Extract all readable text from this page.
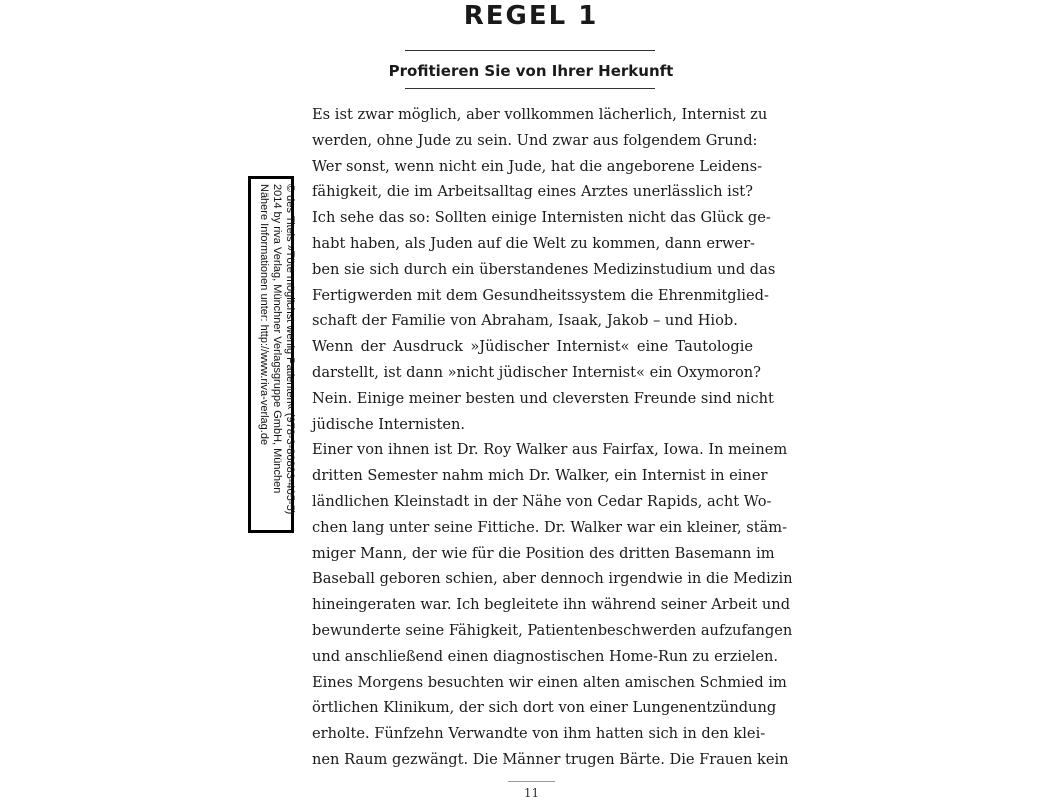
REGEL 1
Profitieren Sie von Ihrer Herkunft
Es ist zwar möglich, aber vollkommen lächerlich, Internist zu
werden, ohne Jude zu sein. Und zwar aus folgendem Grund:
Wer sonst, wenn nicht ein Jude, hat die angeborene Leidens-
fähigkeit, die im Arbeitsalltag eines Arztes unerlässlich ist?
Ich sehe das so: Sollten einige Internisten nicht das Glück ge-
habt haben, als Juden auf die Welt zu kommen, dann erwer-
ben sie sich durch ein überstandenes Medizinstudium und das
Fertigwerden mit dem Gesundheitssystem die Ehrenmitglied-
schaft der Familie von Abraham, Isaak, Jakob – und Hiob.
Wenn der Ausdruck »Jüdischer Internist« eine Tautologie
darstellt, ist dann »nicht jüdischer Internist« ein Oxymoron?
Nein. Einige meiner besten und cleversten Freunde sind nicht
jüdische Internisten.
Einer von ihnen ist Dr. Roy Walker aus Fairfax, Iowa. In meinem
dritten Semester nahm mich Dr. Walker, ein Internist in einer
ländlichen Kleinstadt in der Nähe von Cedar Rapids, acht Wo-
chen lang unter seine Fittiche. Dr. Walker war ein kleiner, stäm-
miger Mann, der wie für die Position des dritten Basemann im
Baseball geboren schien, aber dennoch irgendwie in die Medizin
hineingeraten war. Ich begleitete ihn während seiner Arbeit und
bewunderte seine Fähigkeit, Patientenbeschwerden aufzufangen
und anschließend einen diagnostischen Home-Run zu erzielen.
Eines Morgens besuchten wir einen alten amischen Schmied im
örtlichen Klinikum, der sich dort von einer Lungenentzündung
erholte. Fünfzehn Verwandte von ihm hatten sich in den klei-
nen Raum gezwängt. Die Männer trugen Bärte. Die Frauen kein
© des Titels »Töte möglichst wenig Patienten« (978-3-86883-405-5)
2014 by riva Verlag, Münchner Verlagsgruppe GmbH, München
Nähere Informationen unter: http://www.riva-verlag.de
11
